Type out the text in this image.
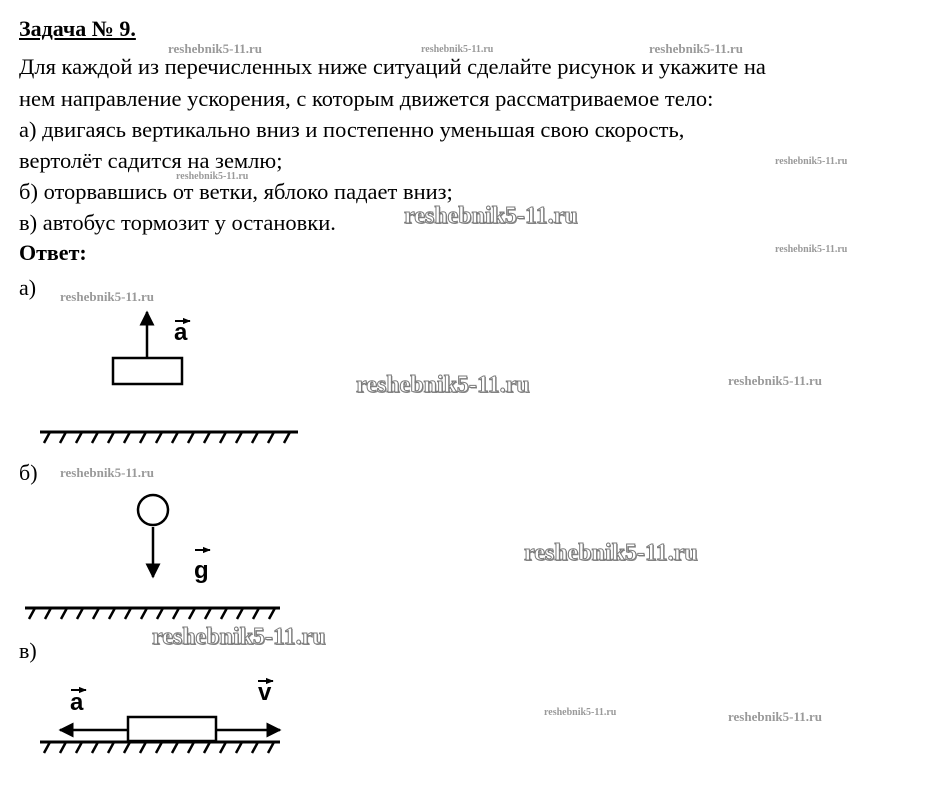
Задача № 9.
Для каждой из перечисленных ниже ситуаций сделайте рисунок и укажите на
нем направление ускорения, с которым движется рассматриваемое тело:
а) двигаясь вертикально вниз и постепенно уменьшая свою скорость,
вертолёт садится на землю;
б) оторвавшись от ветки, яблоко падает вниз;
в) автобус тормозит у остановки.
Ответ:
а)
б)
в)
a
g
a	v
reshebnik5-11.ru	reshebnik5-11.ru	reshebnik5-11.ru
reshebnik5-11.ru
reshebnik5-11.ru
reshebnik5-11.ru
reshebnik5-11.ru
reshebnik5-11.ru
reshebnik5-11.ru	reshebnik5-11.ru
reshebnik5-11.ru
reshebnik5-11.ru
reshebnik5-11.ru
reshebnik5-11.ru	reshebnik5-11.ru
